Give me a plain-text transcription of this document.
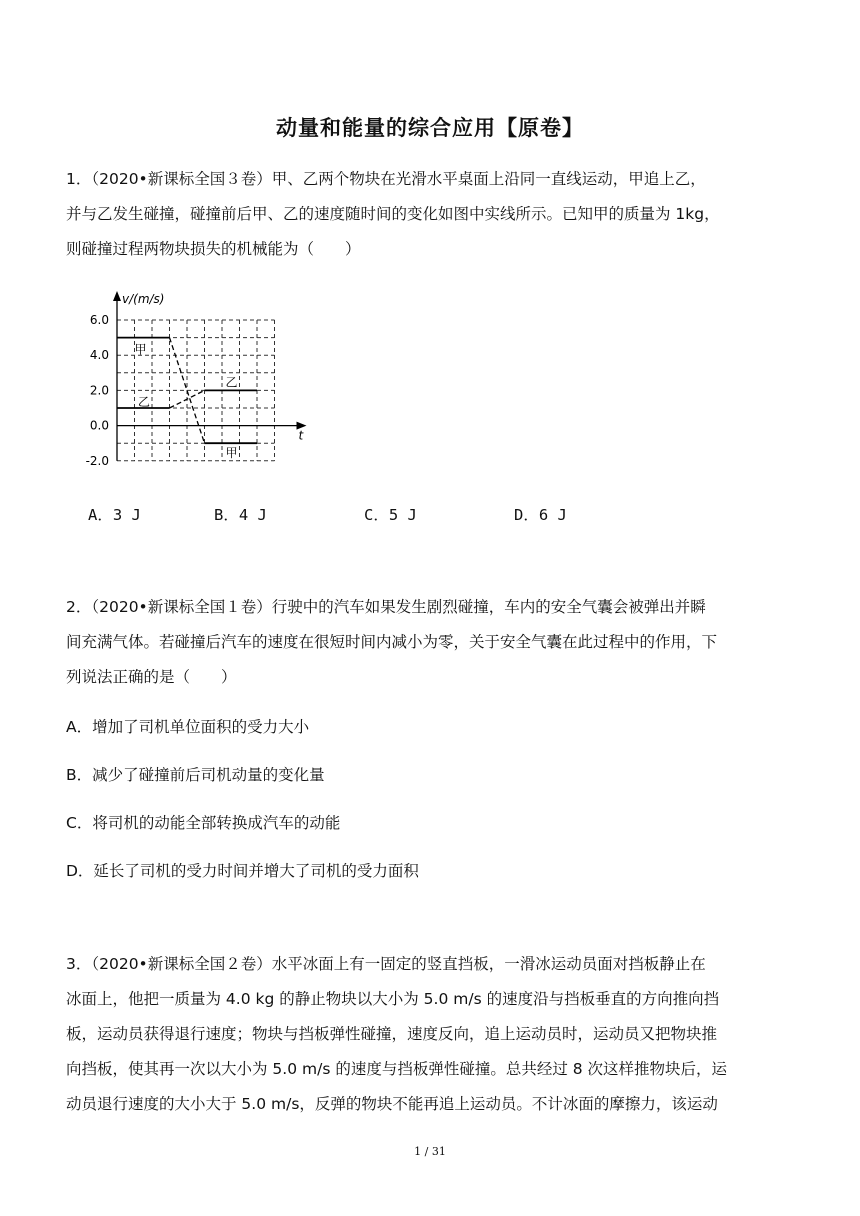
动量和能量的综合应用【原卷】
1．（2020•新课标全国３卷）甲、乙两个物块在光滑水平桌面上沿同一直线运动，甲追上乙，
并与乙发生碰撞，碰撞前后甲、乙的速度随时间的变化如图中实线所示。已知甲的质量为 1kg，
则碰撞过程两物块损失的机械能为（　　）
6.0
4.0
2.0
0.0
-2.0
v/(m/s)
t
甲
乙
乙
甲
A．3 J	B．4 J	C．5 J	D．6 J
2．（2020•新课标全国１卷）行驶中的汽车如果发生剧烈碰撞，车内的安全气囊会被弹出并瞬
间充满气体。若碰撞后汽车的速度在很短时间内减小为零，关于安全气囊在此过程中的作用，下
列说法正确的是（　　）
A．增加了司机单位面积的受力大小
B．减少了碰撞前后司机动量的变化量
C．将司机的动能全部转换成汽车的动能
D．延长了司机的受力时间并增大了司机的受力面积
3．（2020•新课标全国２卷）水平冰面上有一固定的竖直挡板，一滑冰运动员面对挡板静止在
冰面上，他把一质量为 4.0 kg 的静止物块以大小为 5.0 m/s 的速度沿与挡板垂直的方向推向挡
板，运动员获得退行速度；物块与挡板弹性碰撞，速度反向，追上运动员时，运动员又把物块推
向挡板，使其再一次以大小为 5.0 m/s 的速度与挡板弹性碰撞。总共经过 8 次这样推物块后，运
动员退行速度的大小大于 5.0 m/s，反弹的物块不能再追上运动员。不计冰面的摩擦力，该运动
1 / 31
